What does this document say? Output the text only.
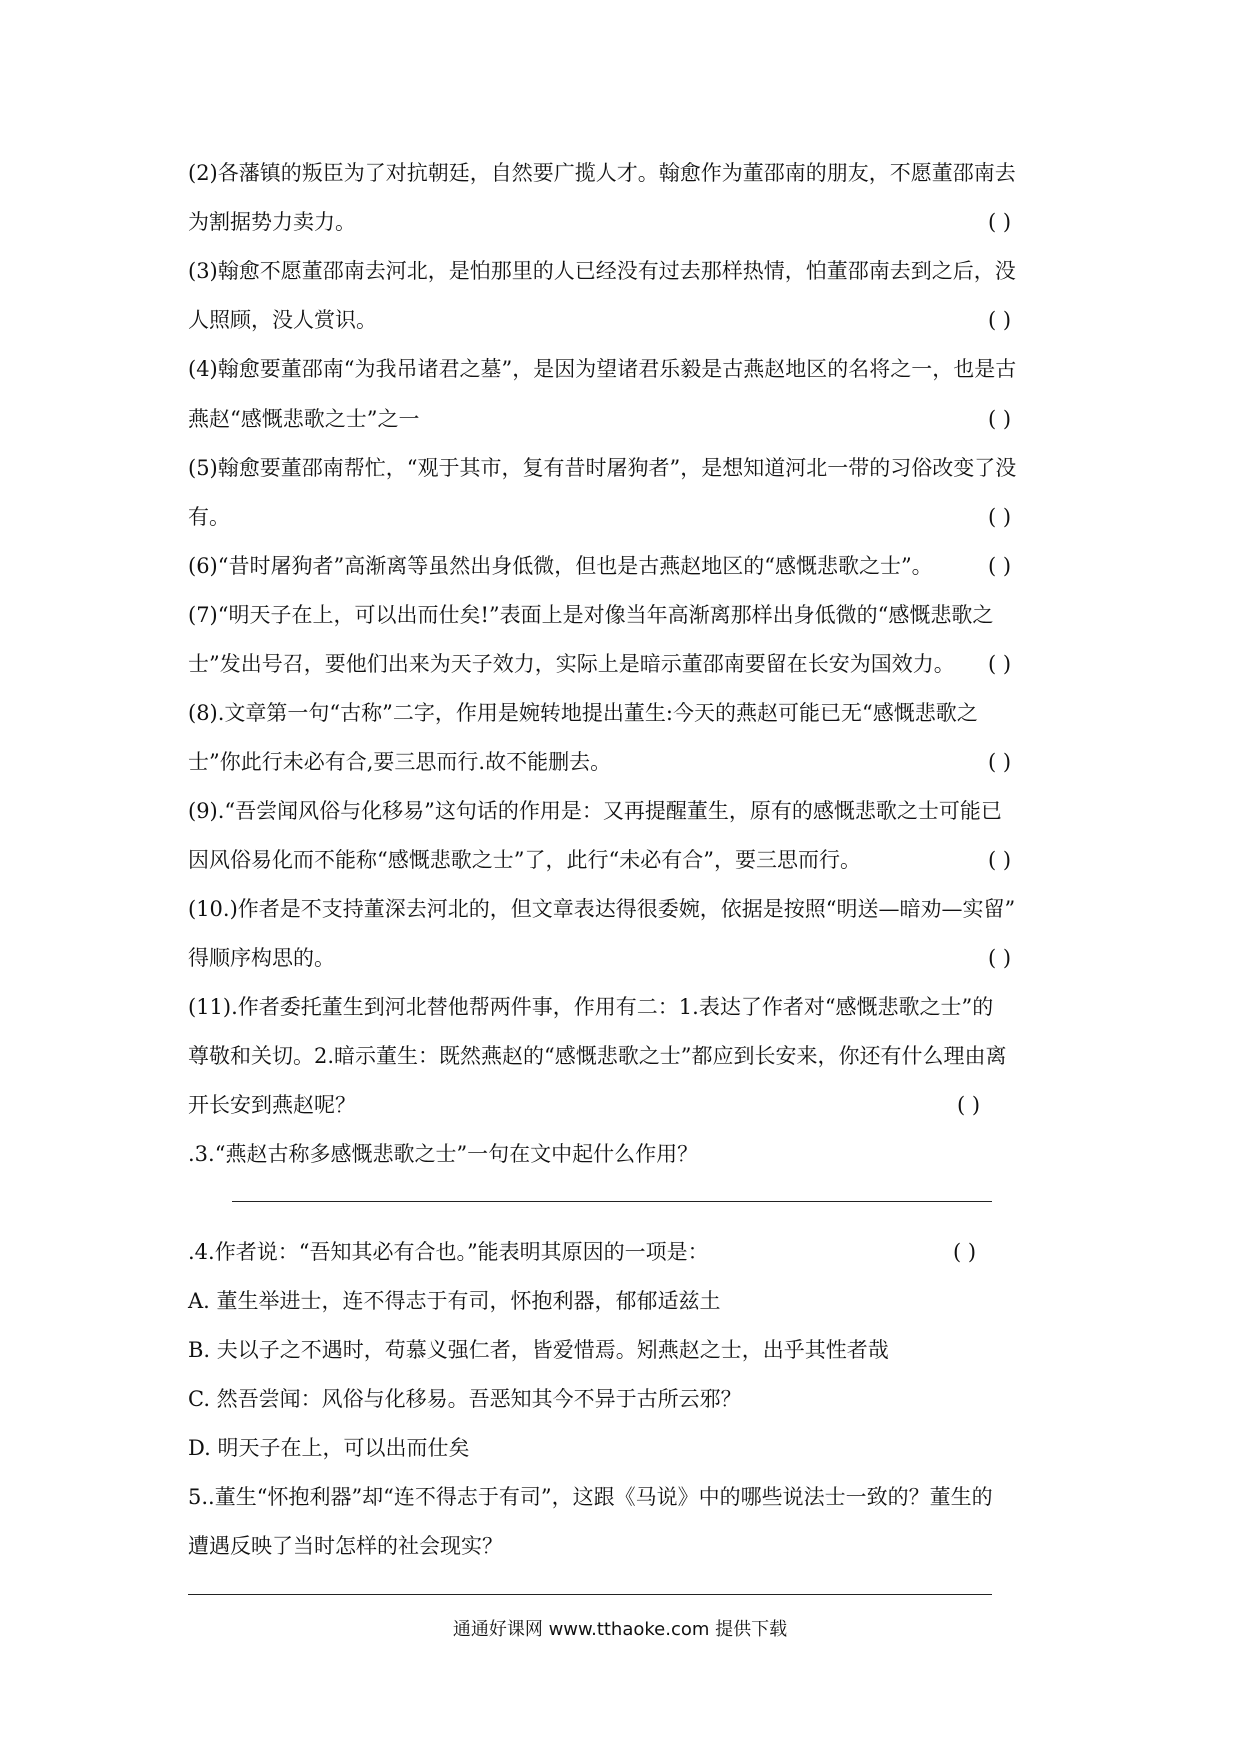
(2)各藩镇的叛臣为了对抗朝廷，自然要广揽人才。翰愈作为董邵南的朋友，不愿董邵南去
为割据势力卖力。	( )
(3)翰愈不愿董邵南去河北，是怕那里的人已经没有过去那样热情，怕董邵南去到之后，没
人照顾，没人赏识。	( )
(4)翰愈要董邵南“为我吊诸君之墓”，是因为望诸君乐毅是古燕赵地区的名将之一，也是古
燕赵“感慨悲歌之士”之一	( )
(5)翰愈要董邵南帮忙，“观于其市，复有昔时屠狗者”，是想知道河北一带的习俗改变了没
有。	( )
(6)“昔时屠狗者”高渐离等虽然出身低微，但也是古燕赵地区的“感慨悲歌之士”。	( )
(7)“明天子在上，可以出而仕矣!”表面上是对像当年高渐离那样出身低微的“感慨悲歌之
士”发出号召，要他们出来为天子效力，实际上是暗示董邵南要留在长安为国效力。	( )
(8).文章第一句“古称”二字，作用是婉转地提出董生:今天的燕赵可能已无“感慨悲歌之
士”你此行未必有合,要三思而行.故不能删去。	( )
(9).“吾尝闻风俗与化移易”这句话的作用是：又再提醒董生，原有的感慨悲歌之士可能已
因风俗易化而不能称“感慨悲歌之士”了，此行“未必有合”，要三思而行。	( )
(10.)作者是不支持董深去河北的，但文章表达得很委婉，依据是按照“明送—暗劝—实留”
得顺序构思的。	( )
(11).作者委托董生到河北替他帮两件事，作用有二：1.表达了作者对“感慨悲歌之士”的
尊敬和关切。2.暗示董生：既然燕赵的“感慨悲歌之士”都应到长安来，你还有什么理由离
开长安到燕赵呢？	( )
.3.“燕赵古称多感慨悲歌之士”一句在文中起什么作用？
.4.作者说：“吾知其必有合也。”能表明其原因的一项是：	( )
A. 董生举进士，连不得志于有司，怀抱利器，郁郁适兹土
B. 夫以子之不遇时，苟慕义强仁者，皆爱惜焉。矧燕赵之士，出乎其性者哉
C. 然吾尝闻：风俗与化移易。吾恶知其今不异于古所云邪？
D. 明天子在上，可以出而仕矣
5..董生“怀抱利器”却“连不得志于有司”，这跟《马说》中的哪些说法士一致的？董生的
遭遇反映了当时怎样的社会现实？
通通好课网 www.tthaoke.com 提供下载
